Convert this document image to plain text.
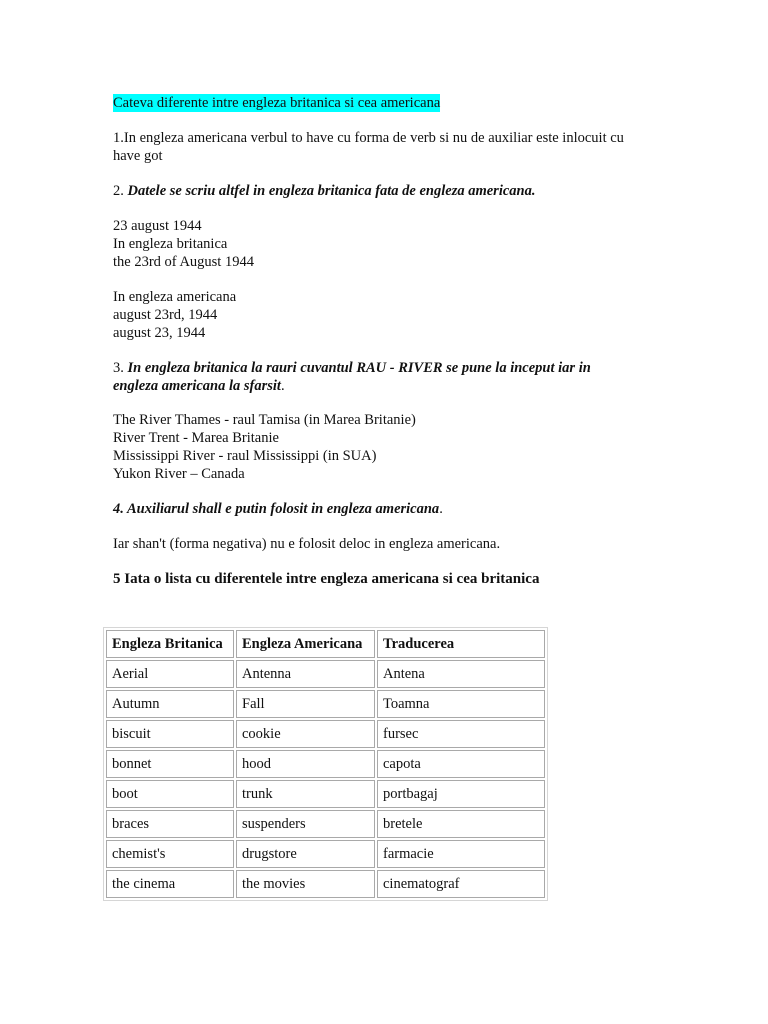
Cateva diferente intre engleza britanica si cea americana

1.In engleza americana verbul to have cu forma de verb si nu de auxiliar este inlocuit cu

have got

2. Datele se scriu altfel in engleza britanica fata de engleza americana.

23 august 1944

In engleza britanica

the 23rd of August 1944

In engleza americana

august 23rd, 1944

august 23, 1944

3. In engleza britanica la rauri cuvantul RAU - RIVER se pune la inceput iar in

engleza americana la sfarsit.

The River Thames - raul Tamisa (in Marea Britanie)

River Trent - Marea Britanie

Mississippi River - raul Mississippi (in SUA)

Yukon River – Canada

4. Auxiliarul shall e putin folosit in engleza americana.

Iar shan't (forma negativa) nu e folosit deloc in engleza americana.

5 Iata o lista cu diferentele intre engleza americana si cea britanica

Engleza Britanica	Engleza Americana	Traducerea
Aerial	Antenna	Antena
Autumn	Fall	Toamna
biscuit	cookie	fursec
bonnet	hood	capota
boot	trunk	portbagaj
braces	suspenders	bretele
chemist's	drugstore	farmacie
the cinema	the movies	cinematograf
